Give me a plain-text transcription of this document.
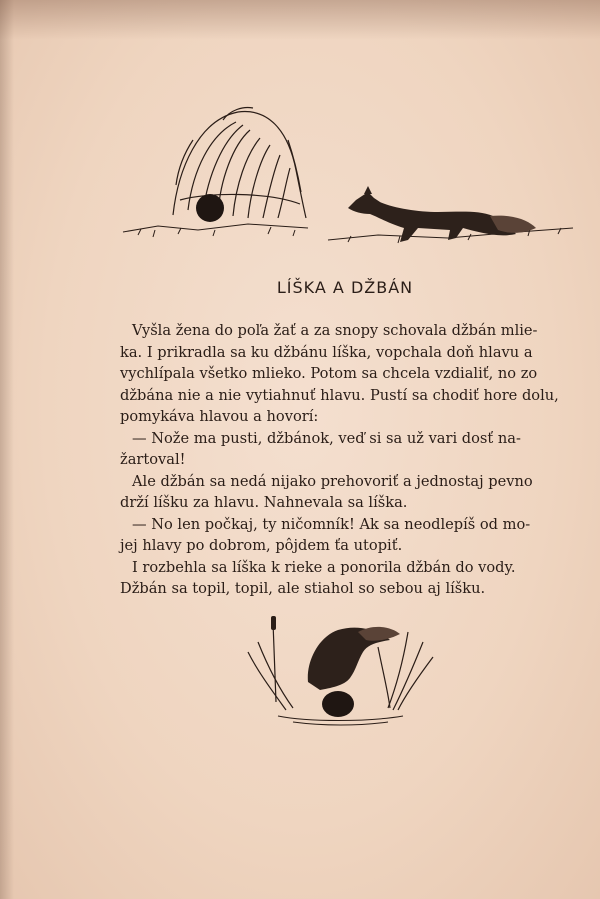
LÍŠKA A DŽBÁN
Vyšla žena do poľa žať a za snopy schovala džbán mlie-
ka. I prikradla sa ku džbánu líška, vopchala doň hlavu a
vychlípala všetko mlieko. Potom sa chcela vzdialiť, no zo
džbána nie a nie vytiahnuť hlavu. Pustí sa chodiť hore dolu,
pomykáva hlavou a hovorí:
— Nože ma pusti, džbánok, veď si sa už vari dosť na-
žartoval!
Ale džbán sa nedá nijako prehovoriť a jednostaj pevno
drží líšku za hlavu. Nahnevala sa líška.
— No len počkaj, ty ničomník! Ak sa neodlepíš od mo-
jej hlavy po dobrom, pôjdem ťa utopiť.
I rozbehla sa líška k rieke a ponorila džbán do vody.
Džbán sa topil, topil, ale stiahol so sebou aj líšku.
